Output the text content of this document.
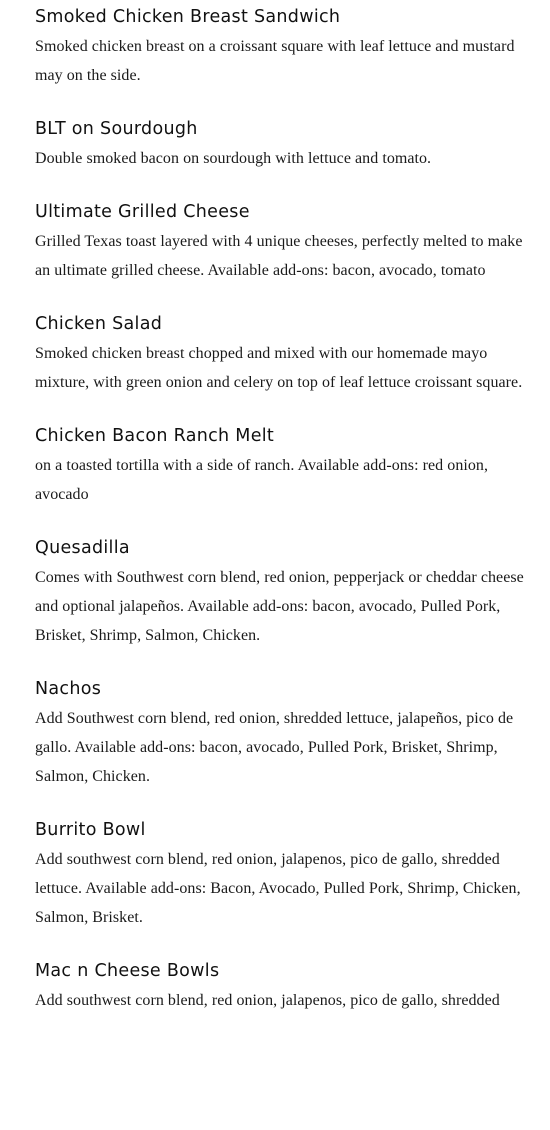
Smoked Chicken Breast Sandwich

Smoked chicken breast on a croissant square with leaf lettuce and mustard may on the side.

BLT on Sourdough

Double smoked bacon on sourdough with lettuce and tomato.

Ultimate Grilled Cheese

Grilled Texas toast layered with 4 unique cheeses, perfectly melted to make an ultimate grilled cheese. Available add-ons: bacon, avocado, tomato

Chicken Salad

Smoked chicken breast chopped and mixed with our homemade mayo mixture, with green onion and celery on top of leaf lettuce croissant square.

Chicken Bacon Ranch Melt

on a toasted tortilla with a side of ranch. Available add-ons: red onion, avocado

Quesadilla

Comes with Southwest corn blend, red onion, pepperjack or cheddar cheese and optional jalapeños. Available add-ons: bacon, avocado, Pulled Pork, Brisket, Shrimp, Salmon, Chicken.

Nachos

Add Southwest corn blend, red onion, shredded lettuce, jalapeños, pico de gallo. Available add-ons: bacon, avocado, Pulled Pork, Brisket, Shrimp, Salmon, Chicken.

Burrito Bowl

Add southwest corn blend, red onion, jalapenos, pico de gallo, shredded lettuce. Available add-ons: Bacon, Avocado, Pulled Pork, Shrimp, Chicken, Salmon, Brisket.

Mac n Cheese Bowls

Add southwest corn blend, red onion, jalapenos, pico de gallo, shredded
